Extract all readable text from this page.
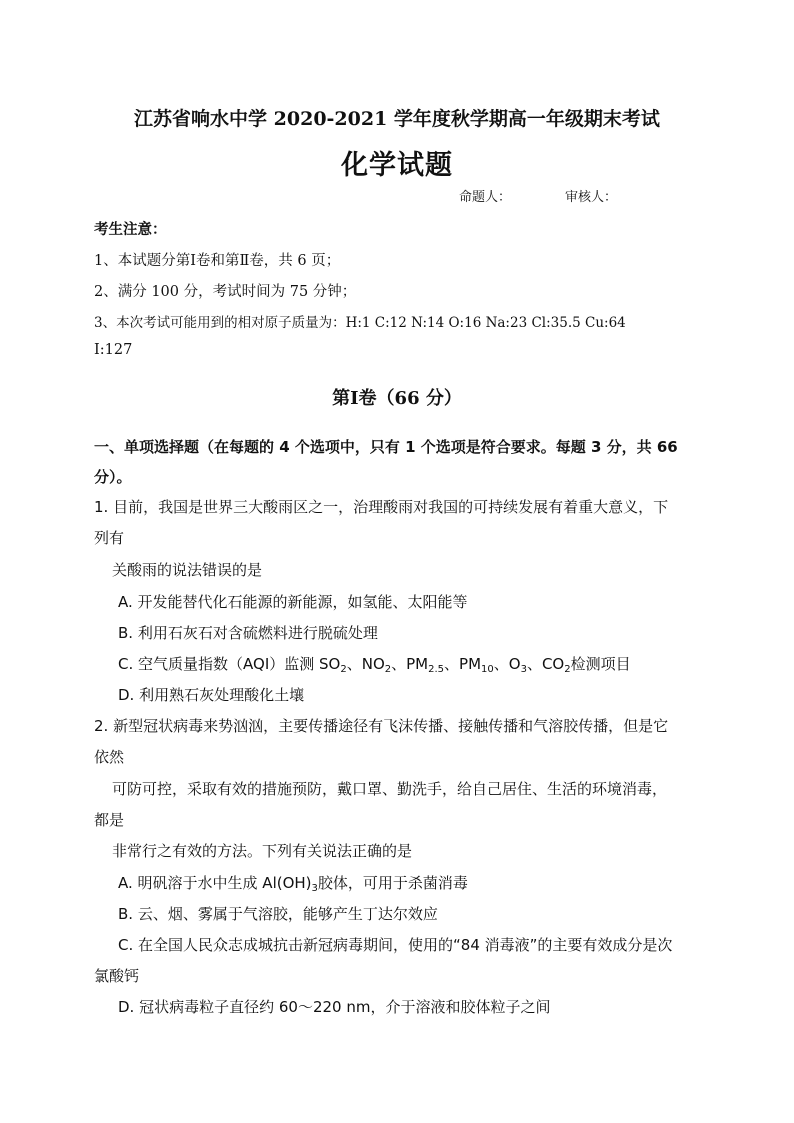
江苏省响水中学 2020-2021 学年度秋学期高一年级期末考试
化学试题
命题人：	审核人：
考生注意：
1、本试题分第Ⅰ卷和第Ⅱ卷，共 6 页；
2、满分 100 分，考试时间为 75 分钟；
3、本次考试可能用到的相对原子质量为：H:1 C:12 N:14 O:16 Na:23 Cl:35.5 Cu:64
I:127
第Ⅰ卷（66 分）
一、单项选择题（在每题的 4 个选项中，只有 1 个选项是符合要求。每题 3 分，共 66
分）。
1. 目前，我国是世界三大酸雨区之一，治理酸雨对我国的可持续发展有着重大意义，下
列有
关酸雨的说法错误的是
A. 开发能替代化石能源的新能源，如氢能、太阳能等
B. 利用石灰石对含硫燃料进行脱硫处理
C. 空气质量指数（AQI）监测 $SO_2$、$NO_2$、$PM_{2.5}$、$PM_{10}$、$O_3$、$CO_2$检测项目
D. 利用熟石灰处理酸化土壤
2. 新型冠状病毒来势汹汹，主要传播途径有飞沫传播、接触传播和气溶胶传播，但是它
依然
可防可控，采取有效的措施预防，戴口罩、勤洗手，给自己居住、生活的环境消毒，
都是
非常行之有效的方法。下列有关说法正确的是
A. 明矾溶于水中生成 $Al(OH)_3$胶体，可用于杀菌消毒
B. 云、烟、雾属于气溶胶，能够产生丁达尔效应
C. 在全国人民众志成城抗击新冠病毒期间，使用的“84 消毒液”的主要有效成分是次
氯酸钙
D. 冠状病毒粒子直径约 60～220 nm，介于溶液和胶体粒子之间
